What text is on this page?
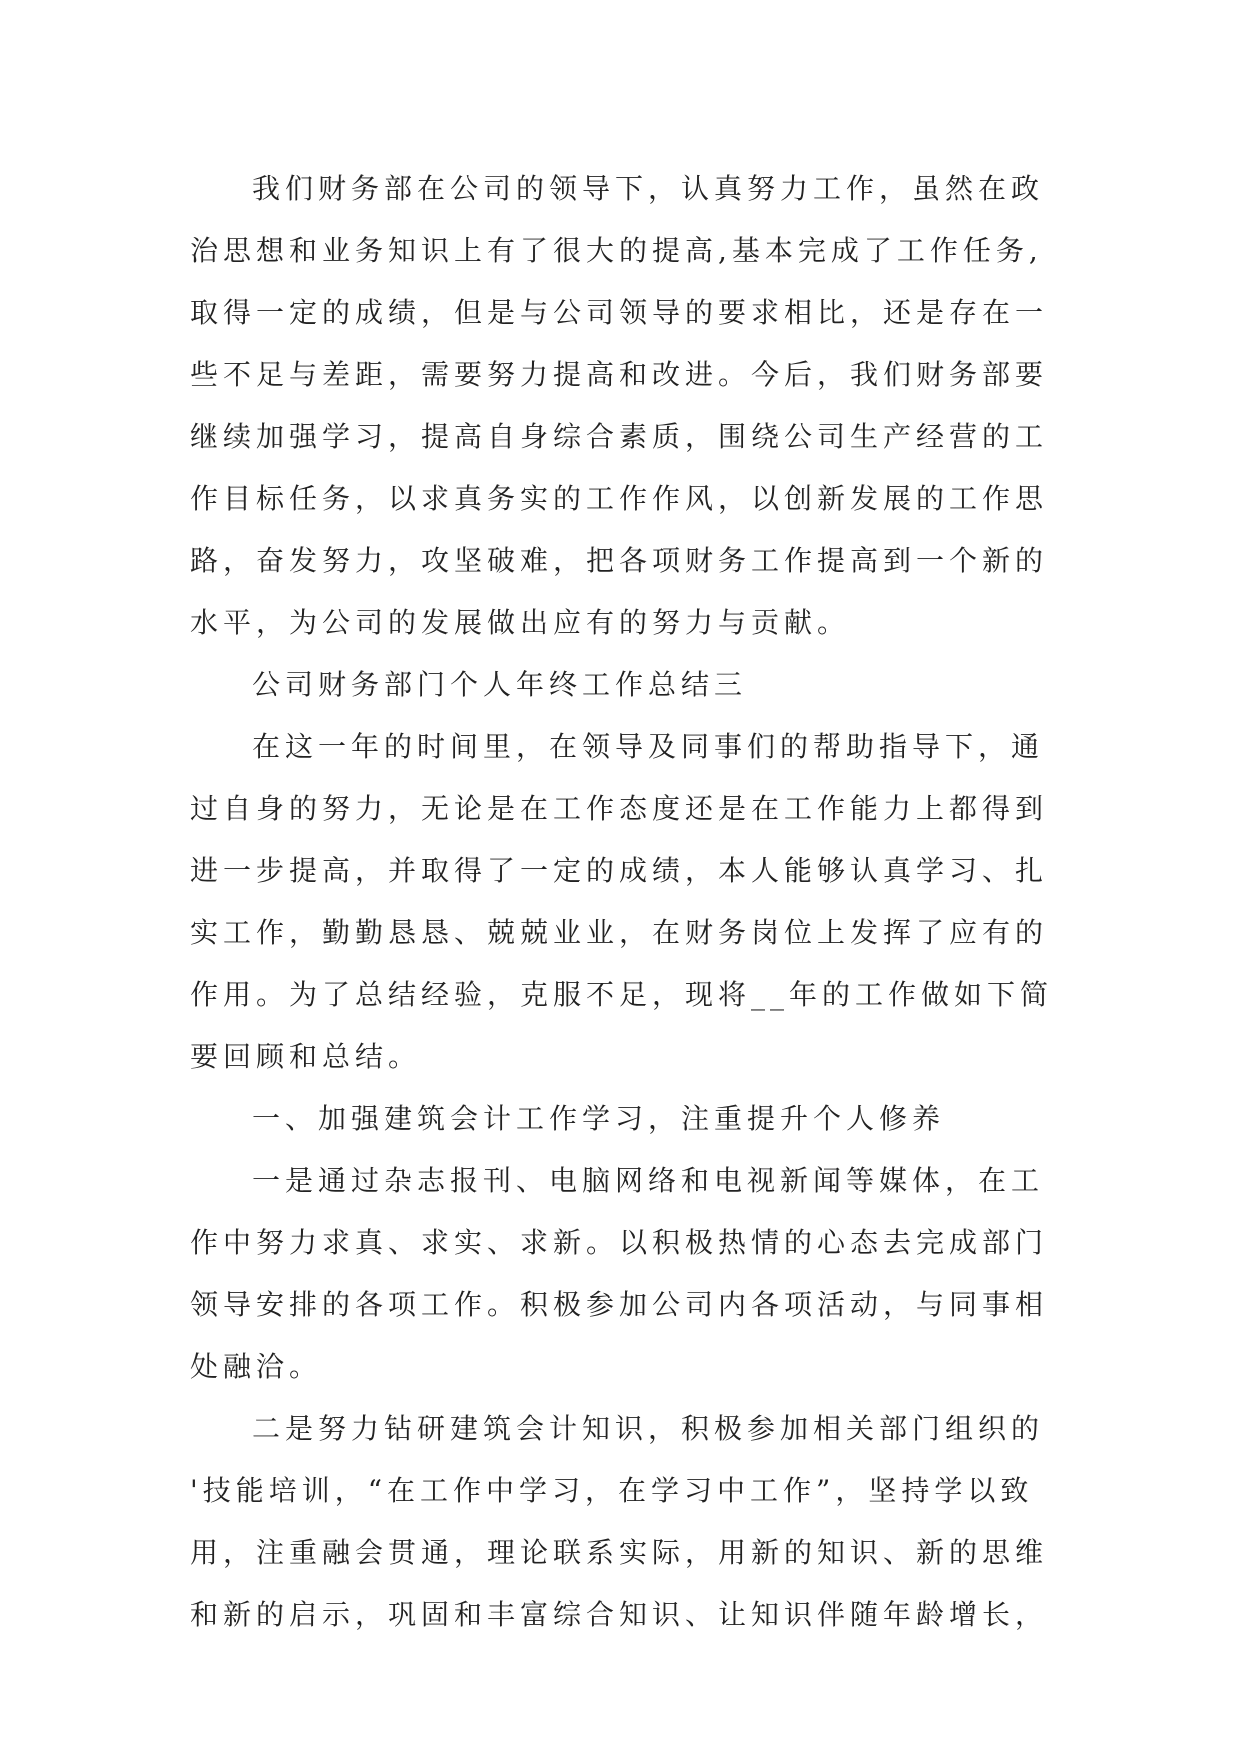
我们财务部在公司的领导下，认真努力工作，虽然在政
治思想和业务知识上有了很大的提高,基本完成了工作任务,
取得一定的成绩，但是与公司领导的要求相比，还是存在一
些不足与差距，需要努力提高和改进。今后，我们财务部要
继续加强学习，提高自身综合素质，围绕公司生产经营的工
作目标任务，以求真务实的工作作风，以创新发展的工作思
路，奋发努力，攻坚破难，把各项财务工作提高到一个新的
水平，为公司的发展做出应有的努力与贡献。
公司财务部门个人年终工作总结三
在这一年的时间里，在领导及同事们的帮助指导下，通
过自身的努力，无论是在工作态度还是在工作能力上都得到
进一步提高，并取得了一定的成绩，本人能够认真学习、扎
实工作，勤勤恳恳、兢兢业业，在财务岗位上发挥了应有的
作用。为了总结经验，克服不足，现将__年的工作做如下简
要回顾和总结。
一、加强建筑会计工作学习，注重提升个人修养
一是通过杂志报刊、电脑网络和电视新闻等媒体，在工
作中努力求真、求实、求新。以积极热情的心态去完成部门
领导安排的各项工作。积极参加公司内各项活动，与同事相
处融洽。
二是努力钻研建筑会计知识，积极参加相关部门组织的
'技能培训，“在工作中学习，在学习中工作”，坚持学以致
用，注重融会贯通，理论联系实际，用新的知识、新的思维
和新的启示，巩固和丰富综合知识、让知识伴随年龄增长，
